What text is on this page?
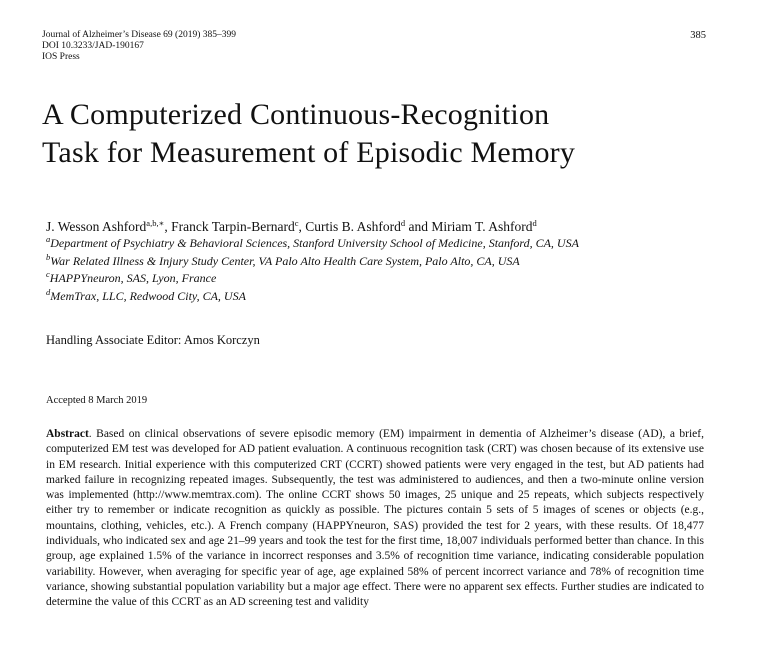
Journal of Alzheimer’s Disease 69 (2019) 385–399
DOI 10.3233/JAD-190167
IOS Press
385
A Computerized Continuous-Recognition
Task for Measurement of Episodic Memory
J. Wesson Ashford$^{a,b,∗}$, Franck Tarpin-Bernard$^c$, Curtis B. Ashford$^d$ and Miriam T. Ashford$^d$
$^a$Department of Psychiatry & Behavioral Sciences, Stanford University School of Medicine, Stanford, CA, USA
$^b$War Related Illness & Injury Study Center, VA Palo Alto Health Care System, Palo Alto, CA, USA
$^c$HAPPYneuron, SAS, Lyon, France
$^d$MemTrax, LLC, Redwood City, CA, USA
Handling Associate Editor: Amos Korczyn
Accepted 8 March 2019

Abstract. Based on clinical observations of severe episodic memory (EM) impairment in dementia of Alzheimer’s disease (AD), a brief, computerized EM test was developed for AD patient evaluation. A continuous recognition task (CRT) was chosen because of its extensive use in EM research. Initial experience with this computerized CRT (CCRT) showed patients were very engaged in the test, but AD patients had marked failure in recognizing repeated images. Subsequently, the test was administered to audiences, and then a two-minute online version was implemented (http://www.memtrax.com). The online CCRT shows 50 images, 25 unique and 25 repeats, which subjects respectively either try to remember or indicate recognition as quickly as possible. The pictures contain 5 sets of 5 images of scenes or objects (e.g., mountains, clothing, vehicles, etc.). A French company (HAPPYneuron, SAS) provided the test for 2 years, with these results. Of 18,477 individuals, who indicated sex and age 21–99 years and took the test for the first time, 18,007 individuals performed better than chance. In this group, age explained 1.5% of the variance in incorrect responses and 3.5% of recognition time variance, indicating considerable population variability. However, when averaging for specific year of age, age explained 58% of percent incorrect variance and 78% of recognition time variance, showing substantial population variability but a major age effect. There were no apparent sex effects. Further studies are indicated to determine the value of this CCRT as an AD screening test and validity
